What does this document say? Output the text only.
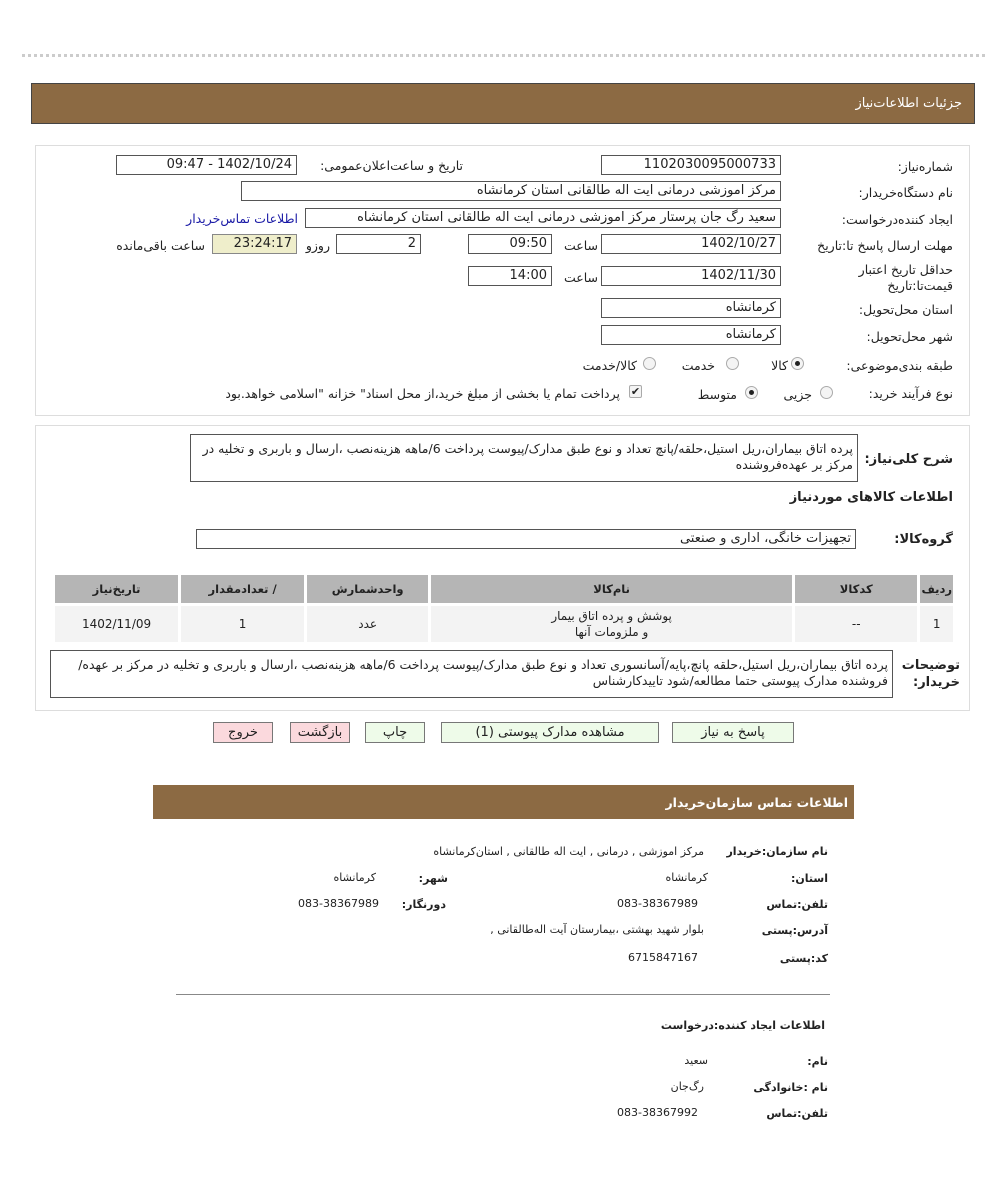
جزئیات اطلاعات‌نیاز
شماره‌نیاز:
1102030095000733
تاریخ و ساعت‌اعلان‌عمومی:
1402/10/24 - 09:47
نام دستگاه‌خریدار:
مرکز اموزشی درمانی ایت اله طالقانی استان کرمانشاه
ایجاد کننده‌درخواست:
سعید رگ جان پرستار مرکز اموزشی درمانی ایت اله طالقانی استان کرمانشاه
اطلاعات تماس‌خریدار
مهلت ارسال پاسخ تا:تاریخ
1402/10/27
ساعت
09:50
2
روزو
23:24:17
ساعت باقی‌مانده
حداقل تاریخ اعتبار قیمت‌تا:تاریخ
1402/11/30
ساعت
14:00
استان محل‌تحویل:
کرمانشاه
شهر محل‌تحویل:
کرمانشاه
طبقه بندی‌موضوعی:
کالا
خدمت
کالا/خدمت
نوع فرآیند خرید:
جزیی
متوسط
✔
پرداخت تمام یا بخشی از مبلغ خرید،از محل اسناد" خزانه "اسلامی خواهد.بود
شرح کلی‌نیاز:
پرده اتاق بیماران،ریل استیل،حلقه/پانچ تعداد و نوع طبق مدارک/پیوست پرداخت 6/ماهه هزینه‌نصب ،ارسال و باربری و تخلیه در مرکز بر عهده‌فروشنده
اطلاعات کالاهای موردنیاز
گروه‌کالا:
تجهیزات خانگی، اداری و صنعتی
ردیف	کدکالا	نام‌کالا	واحدشمارش	/ تعدادمقدار	تاریخ‌نیاز
1	--	پوشش و پرده اتاق بیمار و ملزومات آنها	عدد	1	1402/11/09
توضیحات خریدار:
پرده اتاق بیماران،ریل استیل،حلقه پانچ،پایه/آسانسوری تعداد و نوع طبق مدارک/پیوست پرداخت 6/ماهه هزینه‌نصب ،ارسال و باربری و تخلیه در مرکز بر عهده/فروشنده مدارک پیوستی حتما مطالعه/شود تاییدکارشناس
پاسخ به نیاز
مشاهده مدارک پیوستی (1)
چاپ
بازگشت
خروج
اطلاعات تماس سازمان‌خریدار
نام سازمان:خریدار
مرکز اموزشی , درمانی , ایت اله طالقانی , استان‌کرمانشاه
استان:
کرمانشاه
شهر:
کرمانشاه
تلفن:تماس
083-38367989
دورنگار:
083-38367989
آدرس:پستی
بلوار شهید بهشتی ،بیمارستان آیت اله‌طالقانی ,
کد:پستی
6715847167
اطلاعات ایجاد کننده:درخواست
نام:
سعید
نام :خانوادگی
رگ‌جان
تلفن:تماس
083-38367992
